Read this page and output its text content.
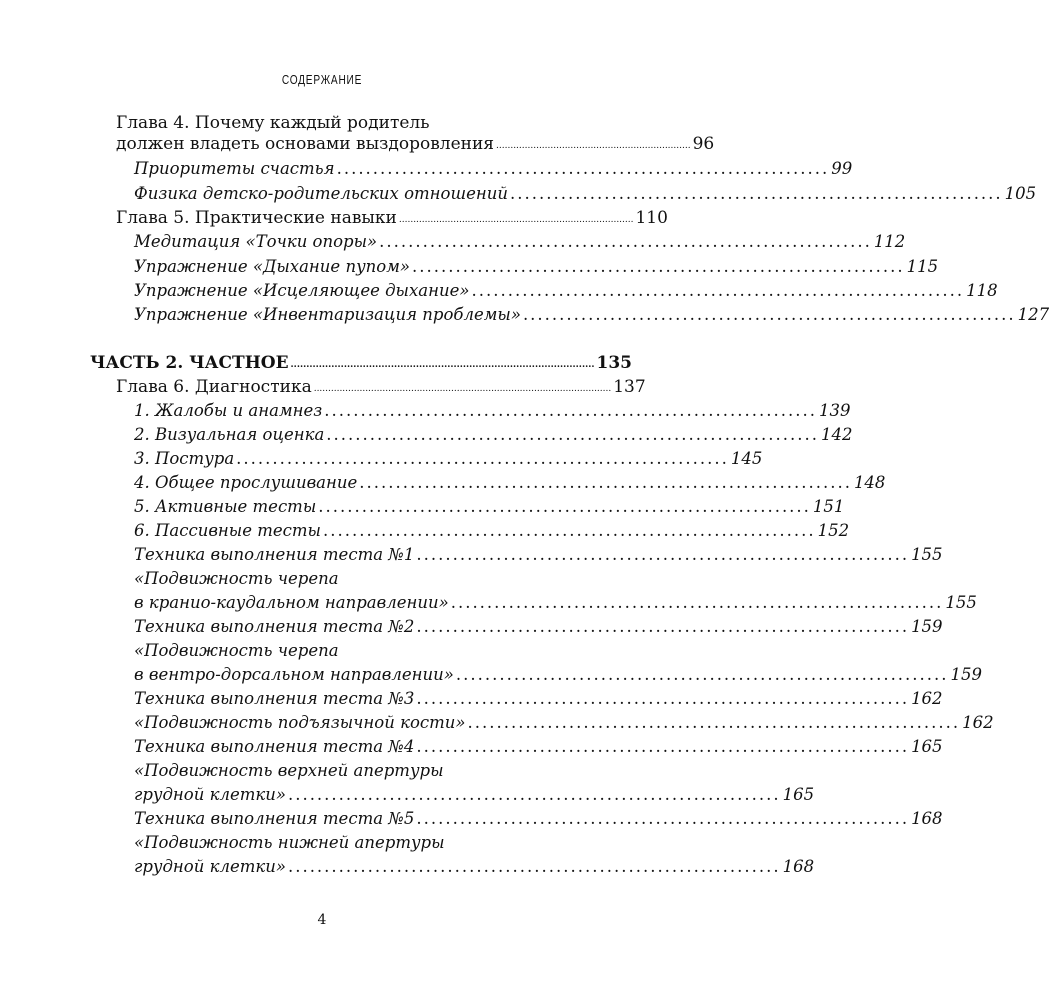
СОДЕРЖАНИЕ
Глава 4. Почему каждый родитель
должен владеть основами выздоровления .................................................................... 96
Приоритеты счастья .................................................................... 99
Физика детско-родительских отношений .................................................................... 105
Глава 5. Практические навыки .................................................................................. 110
Медитация «Точки опоры» .................................................................... 112
Упражнение «Дыхание пупом» .................................................................... 115
Упражнение «Исцеляющее дыхание» .................................................................... 118
Упражнение «Инвентаризация проблемы» .................................................................... 127
ЧАСТЬ 2. ЧАСТНОЕ ................................................................................................. 135
Глава 6. Диагностика ........................................................................................................ 137
1. Жалобы и анамнез .................................................................... 139
2. Визуальная оценка .................................................................... 142
3. Постура .................................................................... 145
4. Общее прослушивание .................................................................... 148
5. Активные тесты .................................................................... 151
6. Пассивные тесты .................................................................... 152
Техника выполнения теста №1 .................................................................... 155
«Подвижность черепа
в кранио-каудальном направлении» .................................................................... 155
Техника выполнения теста №2 .................................................................... 159
«Подвижность черепа
в вентро-дорсальном направлении» .................................................................... 159
Техника выполнения теста №3 .................................................................... 162
«Подвижность подъязычной кости» .................................................................... 162
Техника выполнения теста №4 .................................................................... 165
«Подвижность верхней апертуры
грудной клетки» .................................................................... 165
Техника выполнения теста №5 .................................................................... 168
«Подвижность нижней апертуры
грудной клетки» .................................................................... 168
4
